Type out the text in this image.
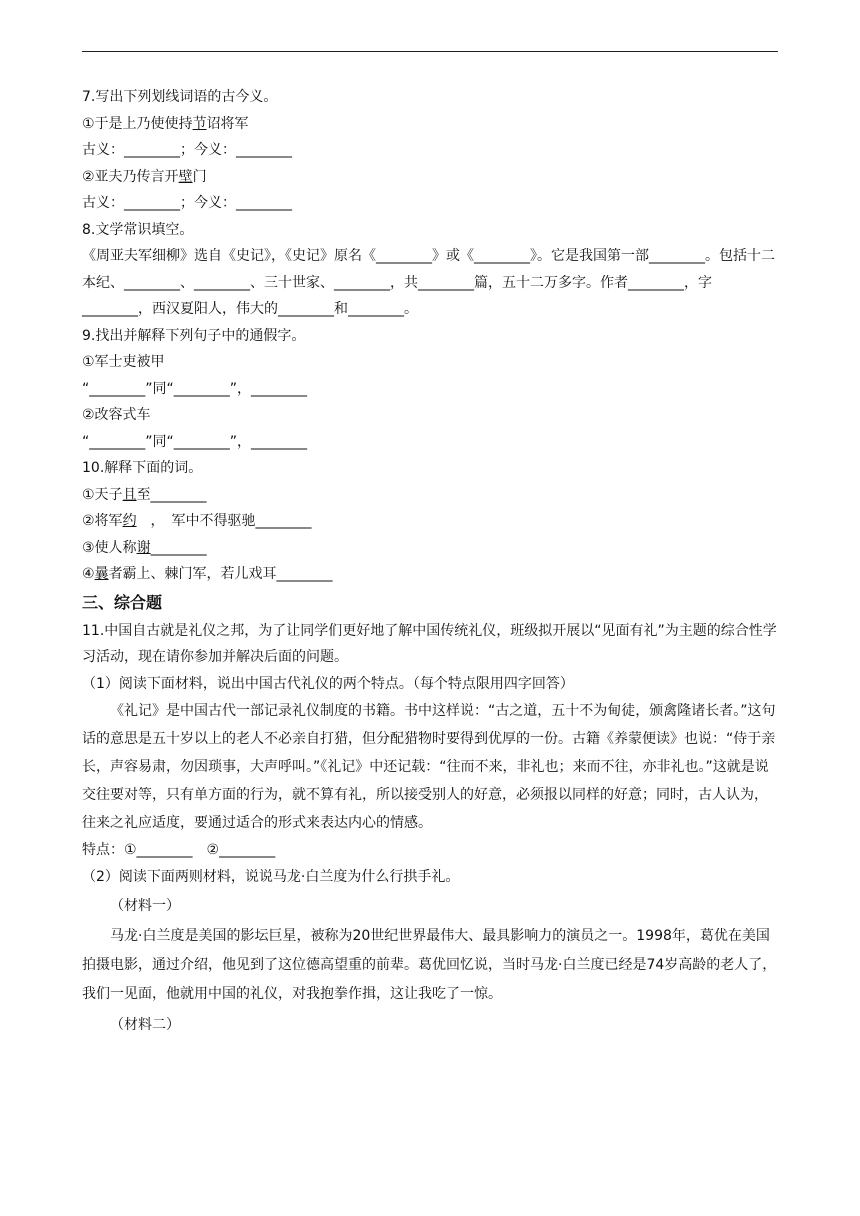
7.写出下列划线词语的古今义。
①于是上乃使使持节诏将军
古义：________；今义：________
②亚夫乃传言开壁门
古义：________；今义：________
8.文学常识填空。
《周亚夫军细柳》选自《史记》，《史记》原名《________》或《________》。它是我国第一部________。包括十二本纪、________、________、三十世家、________，共________篇，五十二万多字。作者________，字________，西汉夏阳人，伟大的________和________。
9.找出并解释下列句子中的通假字。
①军士吏被甲
“________”同“________”，________
②改容式车
“________”同“________”，________
10.解释下面的词。
①天子且至________
②将军约　，　军中不得驱驰________
③使人称谢________
④曩者霸上、棘门军，若儿戏耳________
三、综合题
11.中国自古就是礼仪之邦，为了让同学们更好地了解中国传统礼仪，班级拟开展以“见面有礼”为主题的综合性学习活动，现在请你参加并解决后面的问题。
（1）阅读下面材料，说出中国古代礼仪的两个特点。（每个特点限用四字回答）
《礼记》是中国古代一部记录礼仪制度的书籍。书中这样说：“古之道，五十不为甸徒，颁禽隆诸长者。”这句话的意思是五十岁以上的老人不必亲自打猎，但分配猎物时要得到优厚的一份。古籍《养蒙便读》也说：“侍于亲长，声容易肃，勿因琐事，大声呼叫。”《礼记》中还记载：“往而不来，非礼也；来而不往，亦非礼也。”这就是说交往要对等，只有单方面的行为，就不算有礼，所以接受别人的好意，必须报以同样的好意；同时，古人认为，往来之礼应适度，要通过适合的形式来表达内心的情感。
特点：①________　②________
（2）阅读下面两则材料，说说马龙·白兰度为什么行拱手礼。
（材料一）
马龙·白兰度是美国的影坛巨星，被称为20世纪世界最伟大、最具影响力的演员之一。1998年，葛优在美国拍摄电影，通过介绍，他见到了这位德高望重的前辈。葛优回忆说，当时马龙·白兰度已经是74岁高龄的老人了，我们一见面，他就用中国的礼仪，对我抱拳作揖，这让我吃了一惊。
（材料二）
